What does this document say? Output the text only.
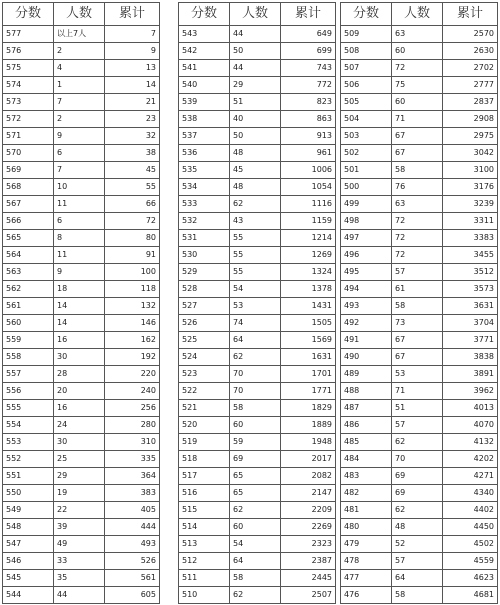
分数	人数	累计
577	以上7人	7
576	2	9
575	4	13
574	1	14
573	7	21
572	2	23
571	9	32
570	6	38
569	7	45
568	10	55
567	11	66
566	6	72
565	8	80
564	11	91
563	9	100
562	18	118
561	14	132
560	14	146
559	16	162
558	30	192
557	28	220
556	20	240
555	16	256
554	24	280
553	30	310
552	25	335
551	29	364
550	19	383
549	22	405
548	39	444
547	49	493
546	33	526
545	35	561
544	44	605
分数	人数	累计
543	44	649
542	50	699
541	44	743
540	29	772
539	51	823
538	40	863
537	50	913
536	48	961
535	45	1006
534	48	1054
533	62	1116
532	43	1159
531	55	1214
530	55	1269
529	55	1324
528	54	1378
527	53	1431
526	74	1505
525	64	1569
524	62	1631
523	70	1701
522	70	1771
521	58	1829
520	60	1889
519	59	1948
518	69	2017
517	65	2082
516	65	2147
515	62	2209
514	60	2269
513	54	2323
512	64	2387
511	58	2445
510	62	2507
分数	人数	累计
509	63	2570
508	60	2630
507	72	2702
506	75	2777
505	60	2837
504	71	2908
503	67	2975
502	67	3042
501	58	3100
500	76	3176
499	63	3239
498	72	3311
497	72	3383
496	72	3455
495	57	3512
494	61	3573
493	58	3631
492	73	3704
491	67	3771
490	67	3838
489	53	3891
488	71	3962
487	51	4013
486	57	4070
485	62	4132
484	70	4202
483	69	4271
482	69	4340
481	62	4402
480	48	4450
479	52	4502
478	57	4559
477	64	4623
476	58	4681
